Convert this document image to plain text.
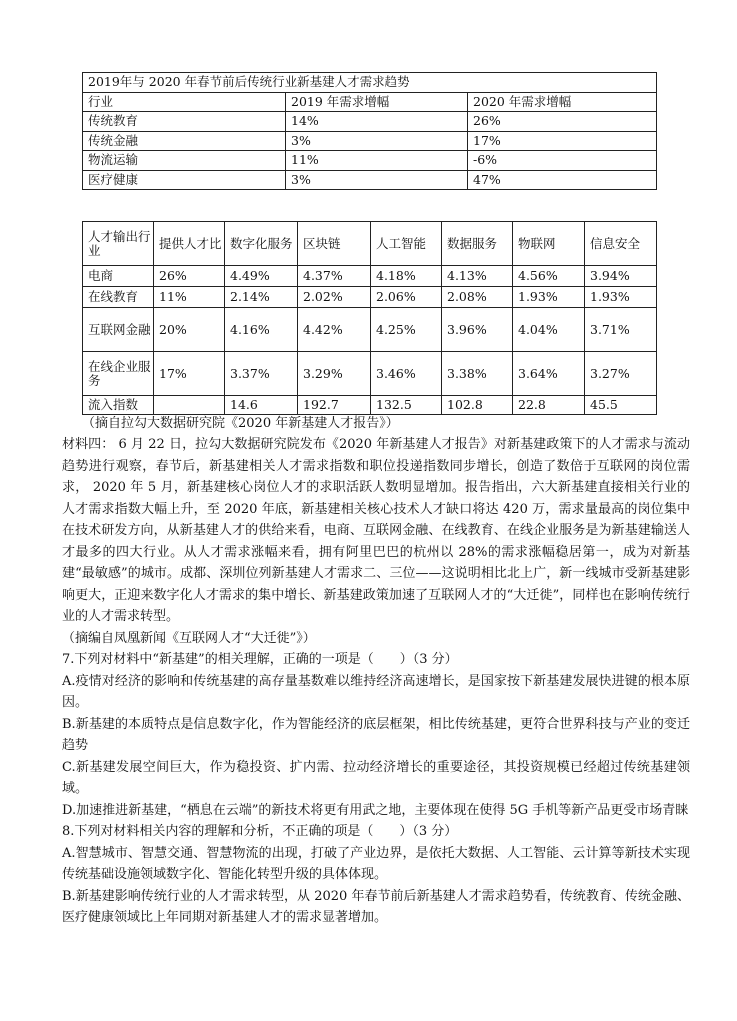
2019年与 2020 年春节前后传统行业新基建人才需求趋势		
行业	2019 年需求增幅	2020 年需求增幅
传统教育	14%	26%
传统金融	3%	17%
物流运输	11%	-6%
医疗健康	3%	47%
人才输出行业	提供人才比	数字化服务	区块链	人工智能	数据服务	物联网	信息安全
电商	26%	4.49%	4.37%	4.18%	4.13%	4.56%	3.94%
在线教育	11%	2.14%	2.02%	2.06%	2.08%	1.93%	1.93%
互联网金融	20%	4.16%	4.42%	4.25%	3.96%	4.04%	3.71%
在线企业服务	17%	3.37%	3.29%	3.46%	3.38%	3.64%	3.27%
流入指数		14.6	192.7	132.5	102.8	22.8	45.5
（摘自拉勾大数据研究院《2020 年新基建人才报告》）

材料四： 6 月 22 日，拉勾大数据研究院发布《2020 年新基建人才报告》对新基建政策下的人才需求与流动趋势进行观察，春节后，新基建相关人才需求指数和职位投递指数同步增长，创造了数倍于互联网的岗位需求， 2020 年 5 月，新基建核心岗位人才的求职活跃人数明显增加。报告指出，六大新基建直接相关行业的人才需求指数大幅上升，至 2020 年底，新基建相关核心技术人才缺口将达 420 万，需求量最高的岗位集中在技术研发方向，从新基建人才的供给来看，电商、互联网金融、在线教育、在线企业服务是为新基建输送人才最多的四大行业。从人才需求涨幅来看，拥有阿里巴巴的杭州以 28%的需求涨幅稳居第一，成为对新基建“最敏感”的城市。成都、深圳位列新基建人才需求二、三位——这说明相比北上广，新一线城市受新基建影响更大，正迎来数字化人才需求的集中增长、新基建政策加速了互联网人才的“大迁徙”，同样也在影响传统行业的人才需求转型。

（摘编自凤凰新闻《互联网人才“大迁徙”》）

7.下列对材料中“新基建”的相关理解，正确的一项是（　　）（3 分）

A.疫情对经济的影响和传统基建的高存量基数难以维持经济高速增长，是国家按下新基建发展快进键的根本原因。

B.新基建的本质特点是信息数字化，作为智能经济的底层框架，相比传统基建，更符合世界科技与产业的变迁趋势

C.新基建发展空间巨大，作为稳投资、扩内需、拉动经济增长的重要途径，其投资规模已经超过传统基建领域。

D.加速推进新基建，“栖息在云端”的新技术将更有用武之地，主要体现在使得 5G 手机等新产品更受市场青睐

8.下列对材料相关内容的理解和分析，不正确的项是（　　）（3 分）

A.智慧城市、智慧交通、智慧物流的出现，打破了产业边界，是依托大数据、人工智能、云计算等新技术实现传统基础设施领域数字化、智能化转型升级的具体体现。

B.新基建影响传统行业的人才需求转型，从 2020 年春节前后新基建人才需求趋势看，传统教育、传统金融、医疗健康领域比上年同期对新基建人才的需求显著增加。
